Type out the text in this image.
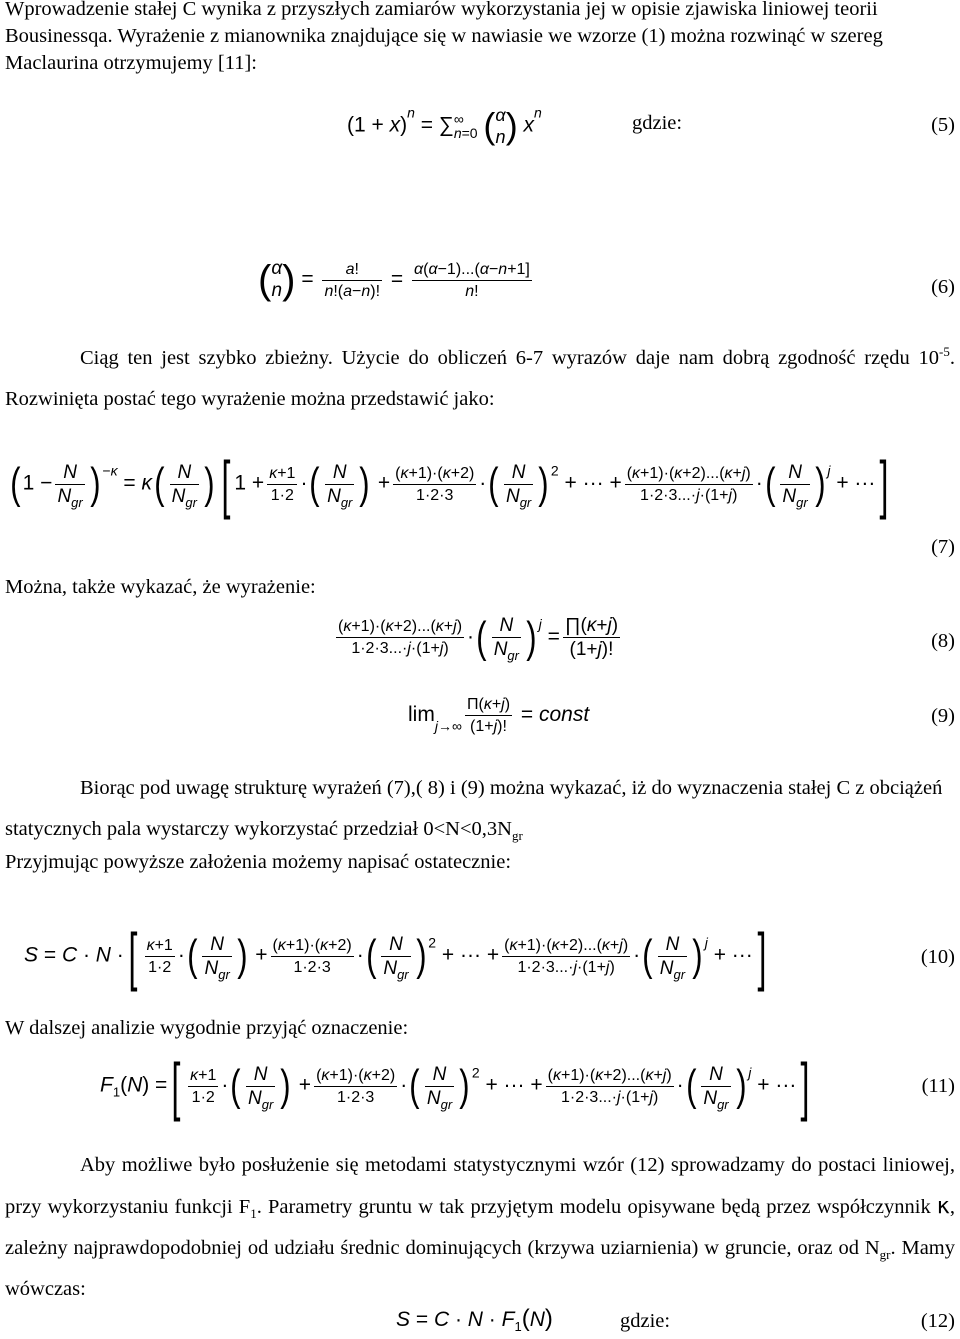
Wprowadzenie stałej C wynika z przyszłych zamiarów wykorzystania jej w opisie zjawiska liniowej teorii Bousinessqa. Wyrażenie z mianownika znajdujące się w nawiasie we wzorze (1) można rozwinąć w szereg Maclaurina otrzymujemy [11]:

$(1 + x)^n$ = ∑ ∞
n=0 ( α
n ) $x^n$	gdzie:	(5)
( α
n ) = $\frac{a!}{n!(a-n)!} = \frac{\alpha(\alpha-1)...(\alpha-n+1]}{n!}$	(6)

Ciąg ten jest szybko zbieżny. Użycie do obliczeń 6-7 wyrazów daje nam dobrą zgodność rzędu $10^{-5}$. Rozwinięta postać tego wyrażenie można przedstawić jako:

( $1 - \frac{N}{N_{gr}}$ ) $^{-\kappa} = \kappa( \frac{N}{N_{gr}}$ ) [ $1 + \frac{\kappa+1}{1\cdot 2}$ ·( $\frac{N}{N_{gr}}$ ) + $\frac{(\kappa+1)\cdot(\kappa+2)}{1\cdot 2\cdot 3}$ ·( $\frac{N}{N_{gr}}$ ) $^2$ + ··· + $\frac{(\kappa+1)\cdot(\kappa+2)...(\kappa+j)}{1\cdot 2\cdot 3...\cdot j\cdot(1+j)}$ ·( $\frac{N}{N_{gr}}$ ) $^j$ + ···]
(7)

Można, także wykazać, że wyrażenie:

$\frac{(\kappa+1)\cdot(\kappa+2)...(\kappa+j)}{1\cdot 2\cdot 3...\cdot j\cdot(1+j)}$ ·( $\frac{N}{N_{gr}}$ ) $^j = \frac{\prod(\kappa+j)}{(1+j)!}$	(8)
$\lim_{j\to\infty} \frac{\Pi(\kappa+j)}{(1+j)!}$ = const	(9)

Biorąc pod uwagę strukturę wyrażeń (7),( 8) i (9) można wykazać, iż do wyznaczenia stałej C z obciążeń statycznych pala wystarczy wykorzystać przedział $0<N<0,3N_{gr}$

Przyjmując powyższe założenia możemy napisać ostatecznie:

S = C · N ·[ $\frac{\kappa+1}{1\cdot 2}$ ·( $\frac{N}{N_{gr}}$ ) + $\frac{(\kappa+1)\cdot(\kappa+2)}{1\cdot 2\cdot 3}$ ·( $\frac{N}{N_{gr}}$ ) $^2$ + ··· + $\frac{(\kappa+1)\cdot(\kappa+2)...(\kappa+j)}{1\cdot 2\cdot 3...\cdot j\cdot(1+j)}$ ·( $\frac{N}{N_{gr}}$ ) $^j$ + ···]	(10)

W dalszej analizie wygodnie przyjąć oznaczenie:

$F_1(N)$ =[ $\frac{\kappa+1}{1\cdot 2}$ ·( $\frac{N}{N_{gr}}$ ) + $\frac{(\kappa+1)\cdot(\kappa+2)}{1\cdot 2\cdot 3}$ ·( $\frac{N}{N_{gr}}$ ) $^2$ + ··· + $\frac{(\kappa+1)\cdot(\kappa+2)...(\kappa+j)}{1\cdot 2\cdot 3...\cdot j\cdot(1+j)}$ ·( $\frac{N}{N_{gr}}$ ) $^j$ + ···]	(11)

Aby możliwe było posłużenie się metodami statystycznymi wzór (12) sprowadzamy do postaci liniowej, przy wykorzystaniu funkcji $F_1$. Parametry gruntu w tak przyjętym modelu opisywane będą przez współczynnik κ, zależny najprawdopodobniej od udziału średnic dominujących (krzywa uziarnienia) w gruncie, oraz od $N_{gr}$. Mamy wówczas:

$S = C \cdot N \cdot F_1(N)$	gdzie:	(12)
